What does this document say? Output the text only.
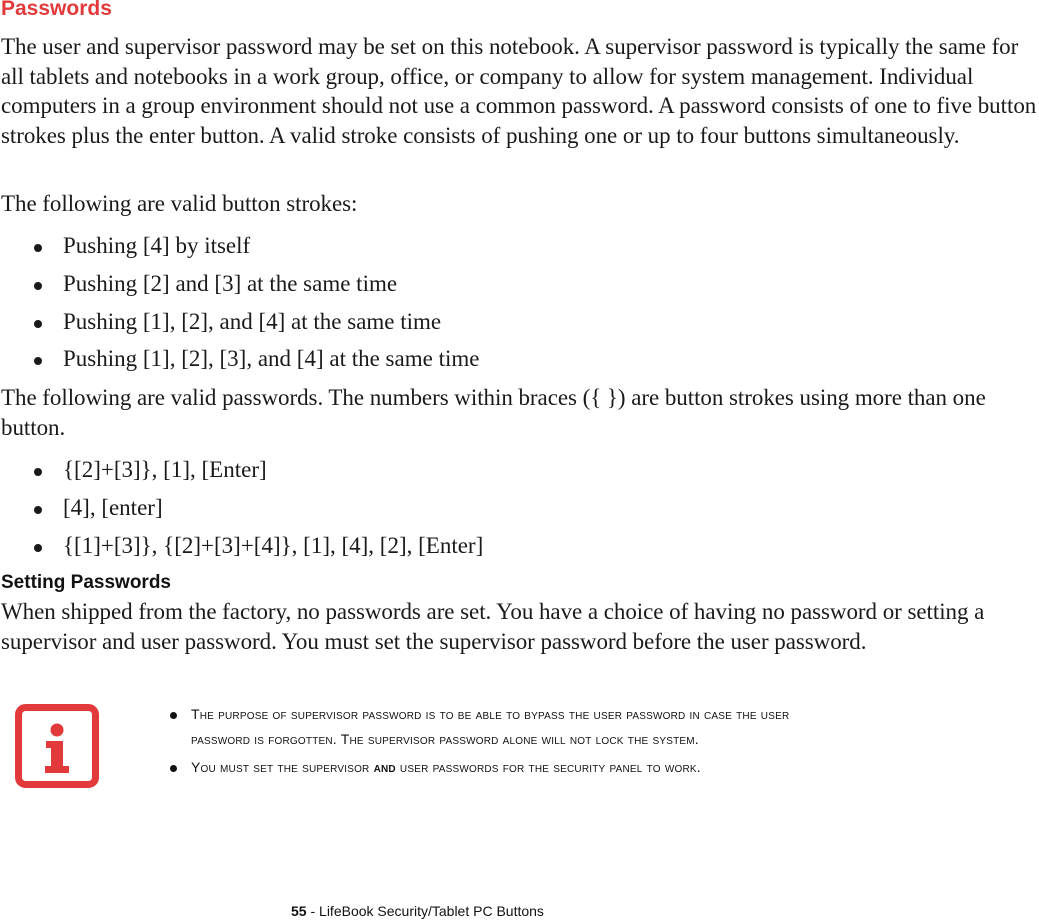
Passwords

The user and supervisor password may be set on this notebook. A supervisor password is typically the same for all tablets and notebooks in a work group, office, or company to allow for system management. Individual computers in a group environment should not use a common password. A password consists of one to five button strokes plus the enter button. A valid stroke consists of pushing one or up to four buttons simultaneously.

The following are valid button strokes:

Pushing [4] by itself
Pushing [2] and [3] at the same time
Pushing [1], [2], and [4] at the same time
Pushing [1], [2], [3], and [4] at the same time

The following are valid passwords. The numbers within braces ({ }) are button strokes using more than one button.

{[2]+[3]}, [1], [Enter]
[4], [enter]
{[1]+[3]}, {[2]+[3]+[4]}, [1], [4], [2], [Enter]
Setting Passwords

When shipped from the factory, no passwords are set. You have a choice of having no password or setting a supervisor and user password. You must set the supervisor password before the user password.

The purpose of supervisor password is to be able to bypass the user password in case the user
password is forgotten. The supervisor password alone will not lock the system.
You must set the supervisor and user passwords for the security panel to work.
55 - LifeBook Security/Tablet PC Buttons
